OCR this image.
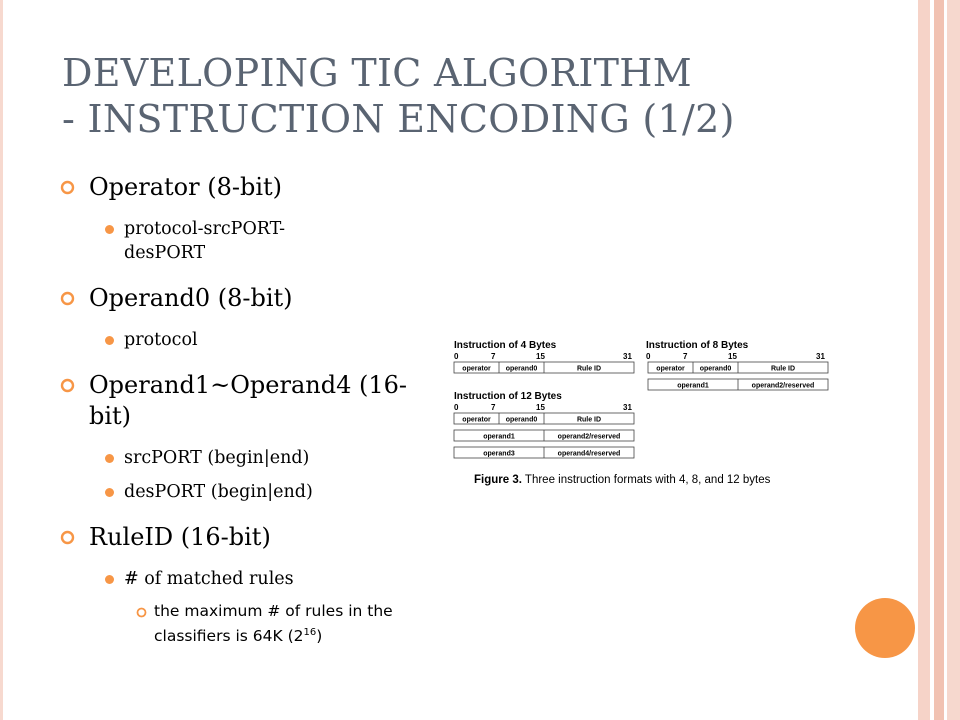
DEVELOPING TIC ALGORITHM
- INSTRUCTION ENCODING (1/2)
Operator (8-bit)
protocol-srcPORT-desPORT
Operand0 (8-bit)
protocol
Operand1~Operand4 (16-bit)
srcPORT (begin|end)
desPORT (begin|end)
RuleID (16-bit)
# of matched rules
the maximum # of rules in the classifiers is 64K $(2^{16})$
Instruction of 4 Bytes
0	7	15	31
operator operand0	Rule ID
Instruction of 8 Bytes
0	7	15	31
operator operand0	Rule ID
operand1	operand2/reserved
Instruction of 12 Bytes
0	7	15	31
operator operand0	Rule ID
operand1	operand2/reserved
operand3	operand4/reserved
Figure 3. Three instruction formats with 4, 8, and 12 bytes
